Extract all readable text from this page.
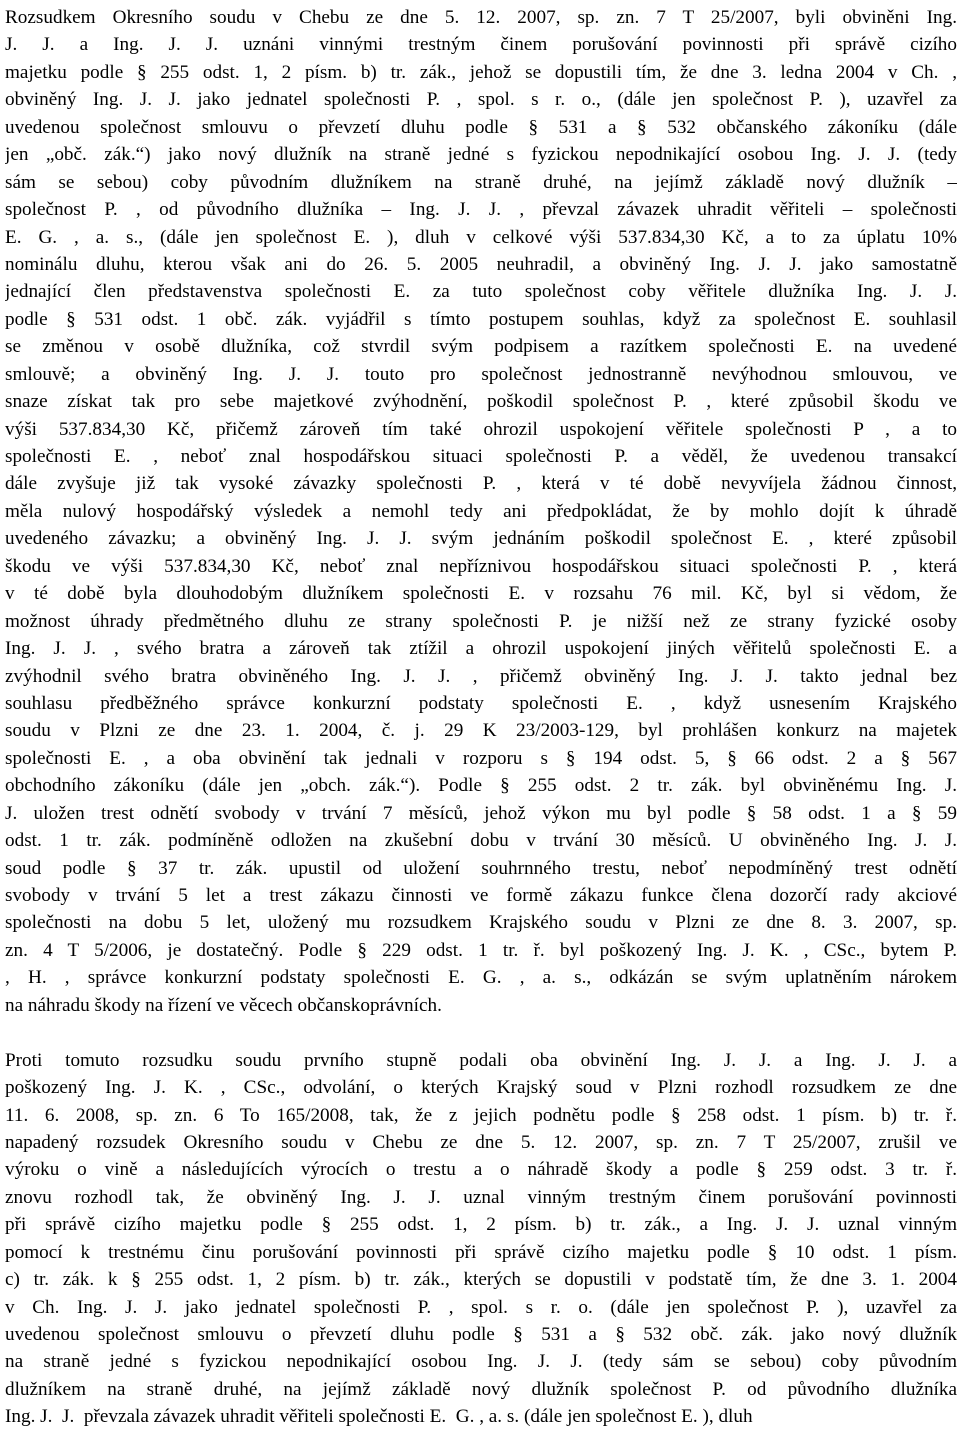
Rozsudkem Okresního soudu v Chebu ze dne 5. 12. 2007, sp. zn. 7 T 25/2007, byli obviněni Ing.
J. J. a Ing. J. J. uznáni vinnými trestným činem porušování povinnosti při správě cizího
majetku podle § 255 odst. 1, 2 písm. b) tr. zák., jehož se dopustili tím, že dne 3. ledna 2004 v Ch. ,
obviněný Ing. J. J. jako jednatel společnosti P. , spol. s r. o., (dále jen společnost P. ), uzavřel za
uvedenou společnost smlouvu o převzetí dluhu podle § 531 a § 532 občanského zákoníku (dále
jen „obč. zák.“) jako nový dlužník na straně jedné s fyzickou nepodnikající osobou Ing. J. J. (tedy
sám se sebou) coby původním dlužníkem na straně druhé, na jejímž základě nový dlužník –
společnost P. , od původního dlužníka – Ing. J. J. , převzal závazek uhradit věřiteli – společnosti
E. G. , a. s., (dále jen společnost E. ), dluh v celkové výši 537.834,30 Kč, a to za úplatu 10%
nominálu dluhu, kterou však ani do 26. 5. 2005 neuhradil, a obviněný Ing. J. J. jako samostatně
jednající člen představenstva společnosti E. za tuto společnost coby věřitele dlužníka Ing. J. J.
podle § 531 odst. 1 obč. zák. vyjádřil s tímto postupem souhlas, když za společnost E. souhlasil
se změnou v osobě dlužníka, což stvrdil svým podpisem a razítkem společnosti E. na uvedené
smlouvě; a obviněný Ing. J. J. touto pro společnost jednostranně nevýhodnou smlouvou, ve
snaze získat tak pro sebe majetkové zvýhodnění, poškodil společnost P. , které způsobil škodu ve
výši 537.834,30 Kč, přičemž zároveň tím také ohrozil uspokojení věřitele společnosti P , a to
společnosti E. , neboť znal hospodářskou situaci společnosti P. a věděl, že uvedenou transakcí
dále zvyšuje již tak vysoké závazky společnosti P. , která v té době nevyvíjela žádnou činnost,
měla nulový hospodářský výsledek a nemohl tedy ani předpokládat, že by mohlo dojít k úhradě
uvedeného závazku; a obviněný Ing. J. J. svým jednáním poškodil společnost E. , které způsobil
škodu ve výši 537.834,30 Kč, neboť znal nepříznivou hospodářskou situaci společnosti P. , která
v té době byla dlouhodobým dlužníkem společnosti E. v rozsahu 76 mil. Kč, byl si vědom, že
možnost úhrady předmětného dluhu ze strany společnosti P. je nižší než ze strany fyzické osoby
Ing. J. J. , svého bratra a zároveň tak ztížil a ohrozil uspokojení jiných věřitelů společnosti E. a
zvýhodnil svého bratra obviněného Ing. J. J. , přičemž obviněný Ing. J. J. takto jednal bez
souhlasu předběžného správce konkurzní podstaty společnosti E. , když usnesením Krajského
soudu v Plzni ze dne 23. 1. 2004, č. j. 29 K 23/2003-129, byl prohlášen konkurz na majetek
společnosti E. , a oba obvinění tak jednali v rozporu s § 194 odst. 5, § 66 odst. 2 a § 567
obchodního zákoníku (dále jen „obch. zák.“). Podle § 255 odst. 2 tr. zák. byl obviněnému Ing. J.
J. uložen trest odnětí svobody v trvání 7 měsíců, jehož výkon mu byl podle § 58 odst. 1 a § 59
odst. 1 tr. zák. podmíněně odložen na zkušební dobu v trvání 30 měsíců. U obviněného Ing. J. J.
soud podle § 37 tr. zák. upustil od uložení souhrnného trestu, neboť nepodmíněný trest odnětí
svobody v trvání 5 let a trest zákazu činnosti ve formě zákazu funkce člena dozorčí rady akciové
společnosti na dobu 5 let, uložený mu rozsudkem Krajského soudu v Plzni ze dne 8. 3. 2007, sp.
zn. 4 T 5/2006, je dostatečný. Podle § 229 odst. 1 tr. ř. byl poškozený Ing. J. K. , CSc., bytem P.
, H. , správce konkurzní podstaty společnosti E. G. , a. s., odkázán se svým uplatněním nárokem
na náhradu škody na řízení ve věcech občanskoprávních.
Proti tomuto rozsudku soudu prvního stupně podali oba obvinění Ing. J. J. a Ing. J. J. a
poškozený Ing. J. K. , CSc., odvolání, o kterých Krajský soud v Plzni rozhodl rozsudkem ze dne
11. 6. 2008, sp. zn. 6 To 165/2008, tak, že z jejich podnětu podle § 258 odst. 1 písm. b) tr. ř.
napadený rozsudek Okresního soudu v Chebu ze dne 5. 12. 2007, sp. zn. 7 T 25/2007, zrušil ve
výroku o vině a následujících výrocích o trestu a o náhradě škody a podle § 259 odst. 3 tr. ř.
znovu rozhodl tak, že obviněný Ing. J. J. uznal vinným trestným činem porušování povinnosti
při správě cizího majetku podle § 255 odst. 1, 2 písm. b) tr. zák., a Ing. J. J. uznal vinným
pomocí k trestnému činu porušování povinnosti při správě cizího majetku podle § 10 odst. 1 písm.
c) tr. zák. k § 255 odst. 1, 2 písm. b) tr. zák., kterých se dopustili v podstatě tím, že dne 3. 1. 2004
v Ch. Ing. J. J. jako jednatel společnosti P. , spol. s r. o. (dále jen společnost P. ), uzavřel za
uvedenou společnost smlouvu o převzetí dluhu podle § 531 a § 532 obč. zák. jako nový dlužník
na straně jedné s fyzickou nepodnikající osobou Ing. J. J. (tedy sám se sebou) coby původním
dlužníkem na straně druhé, na jejímž základě nový dlužník společnost P. od původního dlužníka
Ing. J.  J.  převzala závazek uhradit věřiteli společnosti E.  G. , a. s. (dále jen společnost E. ), dluh
